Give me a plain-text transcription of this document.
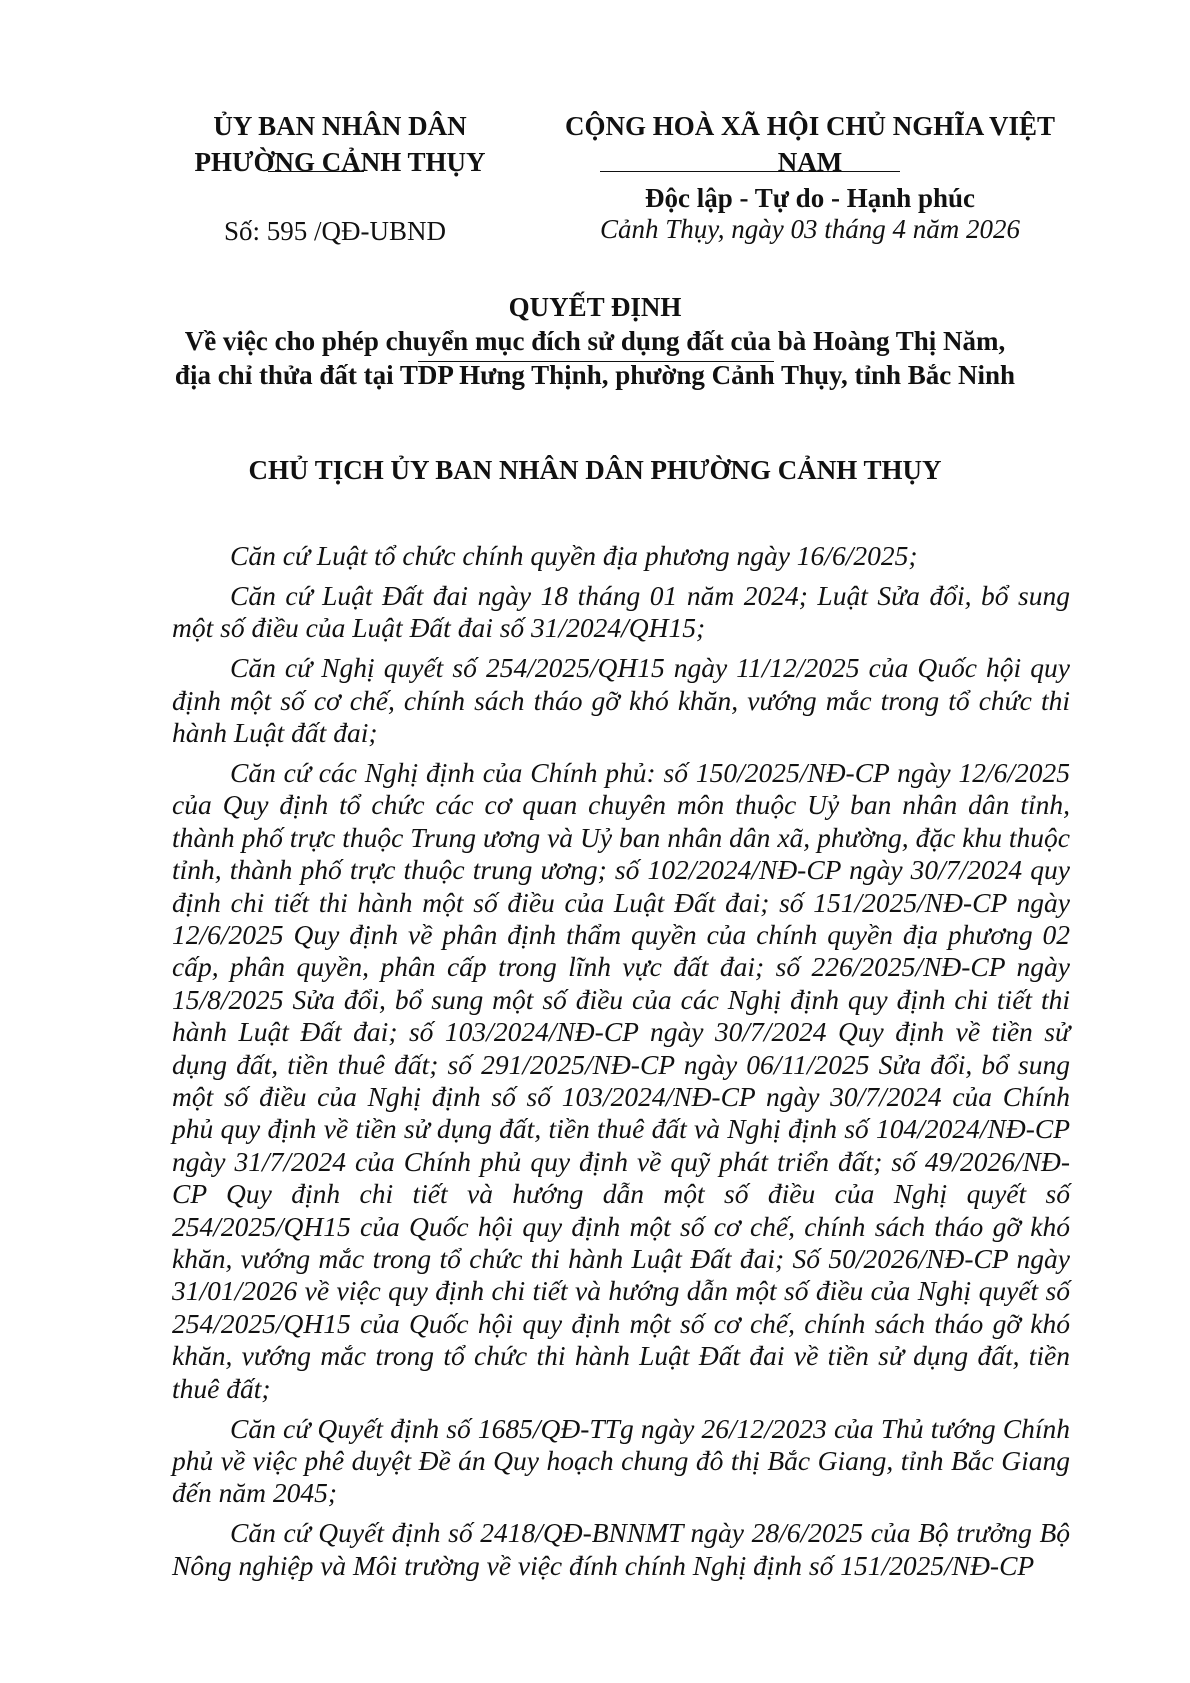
ỦY BAN NHÂN DÂN
PHƯỜNG CẢNH THỤY
CỘNG HOÀ XÃ HỘI CHỦ NGHĨA VIỆT NAM
Độc lập - Tự do - Hạnh phúc
Số: 595 /QĐ-UBND	Cảnh Thụy, ngày 03 tháng 4 năm 2026
QUYẾT ĐỊNH
Về việc cho phép chuyển mục đích sử dụng đất của bà Hoàng Thị Năm,
địa chỉ thửa đất tại TDP Hưng Thịnh, phường Cảnh Thụy, tỉnh Bắc Ninh
CHỦ TỊCH ỦY BAN NHÂN DÂN PHƯỜNG CẢNH THỤY

Căn cứ Luật tổ chức chính quyền địa phương ngày 16/6/2025;

Căn cứ Luật Đất đai ngày 18 tháng 01 năm 2024; Luật Sửa đổi, bổ sung một số điều của Luật Đất đai số 31/2024/QH15;

Căn cứ Nghị quyết số 254/2025/QH15 ngày 11/12/2025 của Quốc hội quy định một số cơ chế, chính sách tháo gỡ khó khăn, vướng mắc trong tổ chức thi hành Luật đất đai;

Căn cứ các Nghị định của Chính phủ: số 150/2025/NĐ-CP ngày 12/6/2025 của Quy định tổ chức các cơ quan chuyên môn thuộc Uỷ ban nhân dân tỉnh, thành phố trực thuộc Trung ương và Uỷ ban nhân dân xã, phường, đặc khu thuộc tỉnh, thành phố trực thuộc trung ương; số 102/2024/NĐ-CP ngày 30/7/2024 quy định chi tiết thi hành một số điều của Luật Đất đai; số 151/2025/NĐ-CP ngày 12/6/2025 Quy định về phân định thẩm quyền của chính quyền địa phương 02 cấp, phân quyền, phân cấp trong lĩnh vực đất đai; số 226/2025/NĐ-CP ngày 15/8/2025 Sửa đổi, bổ sung một số điều của các Nghị định quy định chi tiết thi hành Luật Đất đai; số 103/2024/NĐ-CP ngày 30/7/2024 Quy định về tiền sử dụng đất, tiền thuê đất; số 291/2025/NĐ-CP ngày 06/11/2025 Sửa đổi, bổ sung một số điều của Nghị định số số 103/2024/NĐ-CP ngày 30/7/2024 của Chính phủ quy định về tiền sử dụng đất, tiền thuê đất và Nghị định số 104/2024/NĐ-CP ngày 31/7/2024 của Chính phủ quy định về quỹ phát triển đất; số 49/2026/NĐ-CP Quy định chi tiết và hướng dẫn một số điều của Nghị quyết số 254/2025/QH15 của Quốc hội quy định một số cơ chế, chính sách tháo gỡ khó khăn, vướng mắc trong tổ chức thi hành Luật Đất đai; Số 50/2026/NĐ-CP ngày 31/01/2026 về việc quy định chi tiết và hướng dẫn một số điều của Nghị quyết số 254/2025/QH15 của Quốc hội quy định một số cơ chế, chính sách tháo gỡ khó khăn, vướng mắc trong tổ chức thi hành Luật Đất đai về tiền sử dụng đất, tiền thuê đất;

Căn cứ Quyết định số 1685/QĐ-TTg ngày 26/12/2023 của Thủ tướng Chính phủ về việc phê duyệt Đề án Quy hoạch chung đô thị Bắc Giang, tỉnh Bắc Giang đến năm 2045;

Căn cứ Quyết định số 2418/QĐ-BNNMT ngày 28/6/2025 của Bộ trưởng Bộ Nông nghiệp và Môi trường về việc đính chính Nghị định số 151/2025/NĐ-CP
